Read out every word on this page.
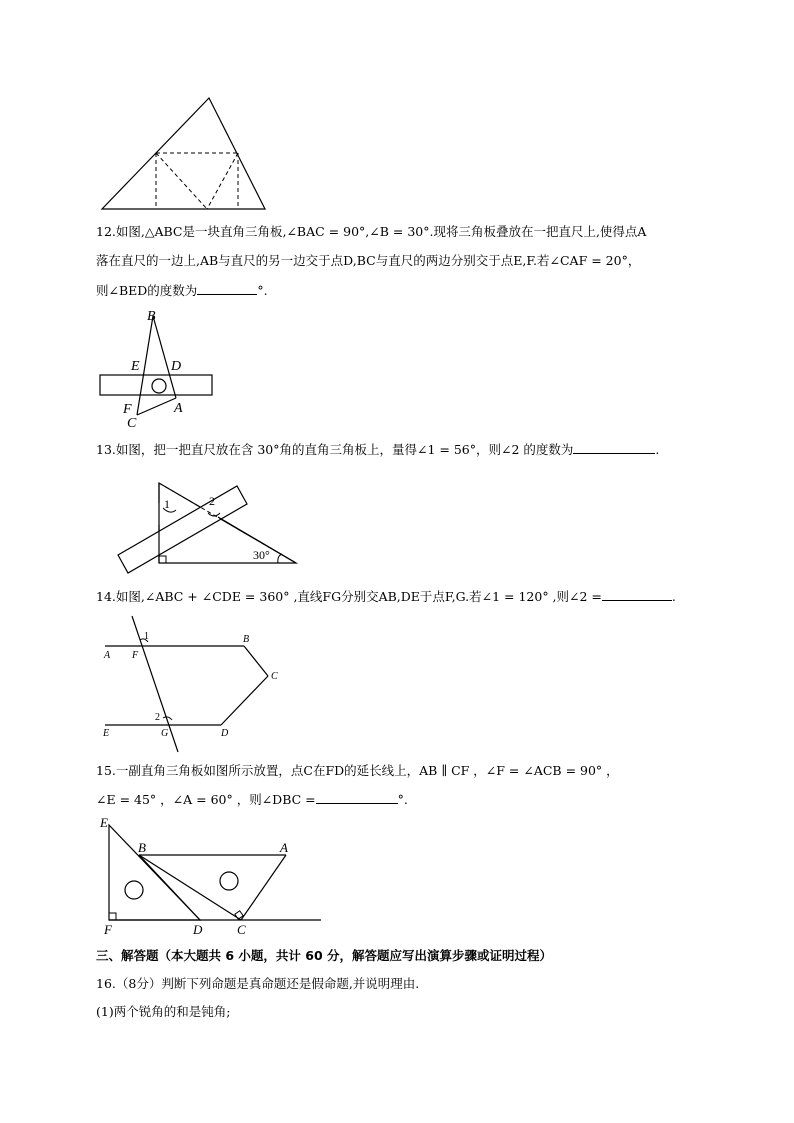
12.如图,△ABC是一块直角三角板,∠BAC = 90°,∠B = 30°.现将三角板叠放在一把直尺上,使得点A
落在直尺的一边上,AB与直尺的另一边交于点D,BC与直尺的两边分别交于点E,F.若∠CAF = 20°，
则∠BED的度数为	°.
B
E D
F	A
C
13.如图，把一把直尺放在含 30°角的直角三角板上，量得∠1 = 56°，则∠2 的度数为	.
1	2
30°
14.如图,∠ABC + ∠CDE = 360° ,直线FG分别交AB,DE于点F,G.若∠1 = 120° ,则∠2 =	.
1
2
A F
B
C
E	G	D
15.一副直角三角板如图所示放置，点C在FD的延长线上，AB ∥ CF ，∠F = ∠ACB = 90° ，
∠E = 45° ，∠A = 60° ，则∠DBC =	°.
E
B	A
F	D	C
三、解答题（本大题共 6 小题，共计 60 分，解答题应写出演算步骤或证明过程）
16.（8分）判断下列命题是真命题还是假命题,并说明理由.
(1)两个锐角的和是钝角;
